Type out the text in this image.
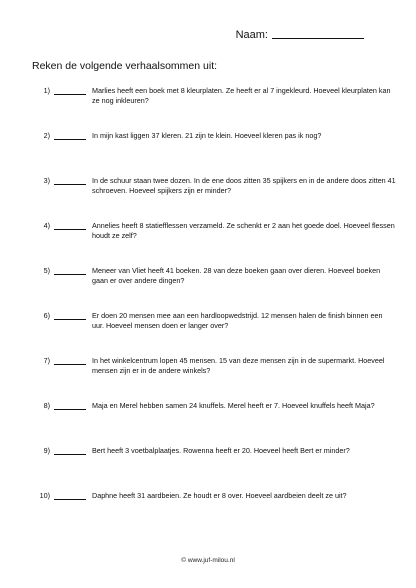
Naam:
Reken de volgende verhaalsommen uit:
1)	Marlies heeft een boek met 8 kleurplaten. Ze heeft er al 7 ingekleurd. Hoeveel kleurplaten kan ze nog inkleuren?
2)	In mijn kast liggen 37 kleren. 21 zijn te klein. Hoeveel kleren pas ik nog?
3)	In de schuur staan twee dozen. In de ene doos zitten 35 spijkers en in de andere doos zitten 41 schroeven. Hoeveel spijkers zijn er minder?
4)	Annelies heeft 8 statiefflessen verzameld. Ze schenkt er 2 aan het goede doel. Hoeveel flessen houdt ze zelf?
5)	Meneer van Vliet heeft 41 boeken. 28 van deze boeken gaan over dieren. Hoeveel boeken gaan er over andere dingen?
6)	Er doen 20 mensen mee aan een hardloopwedstrijd. 12 mensen halen de finish binnen een uur. Hoeveel mensen doen er langer over?
7)	In het winkelcentrum lopen 45 mensen. 15 van deze mensen zijn in de supermarkt. Hoeveel mensen zijn er in de andere winkels?
8)	Maja en Merel hebben samen 24 knuffels. Merel heeft er 7. Hoeveel knuffels heeft Maja?
9)	Bert heeft 3 voetbalplaatjes. Rowenna heeft er 20. Hoeveel heeft Bert er minder?
10)	Daphne heeft 31 aardbeien. Ze houdt er 8 over. Hoeveel aardbeien deelt ze uit?
© www.juf-milou.nl
